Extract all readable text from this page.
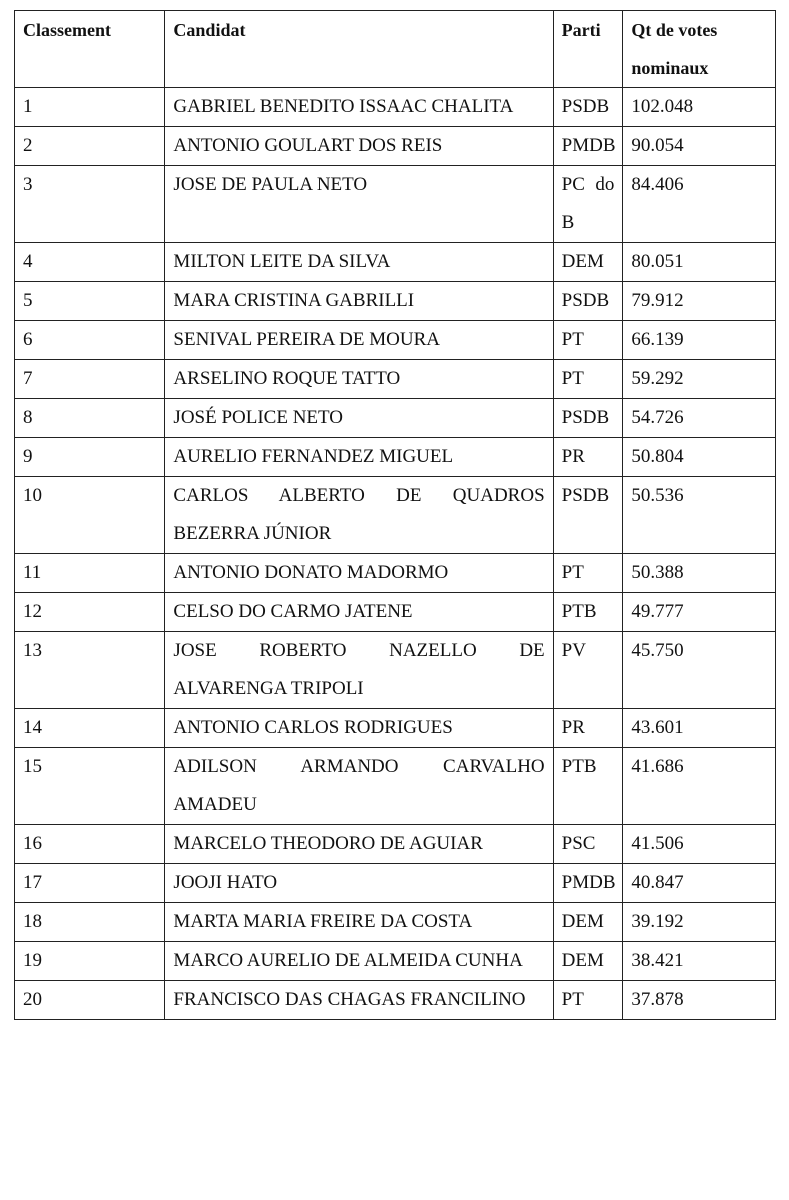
Classement	Candidat	Parti	Qt de votes nominaux
1	GABRIEL BENEDITO ISSAAC CHALITA	PSDB	102.048
2	ANTONIO GOULART DOS REIS	PMDB	90.054
3	JOSE DE PAULA NETO	PC do B	84.406
4	MILTON LEITE DA SILVA	DEM	80.051
5	MARA CRISTINA GABRILLI	PSDB	79.912
6	SENIVAL PEREIRA DE MOURA	PT	66.139
7	ARSELINO ROQUE TATTO	PT	59.292
8	JOSÉ POLICE NETO	PSDB	54.726
9	AURELIO FERNANDEZ MIGUEL	PR	50.804
10	CARLOS ALBERTO DE QUADROS BEZERRA JÚNIOR	PSDB	50.536
11	ANTONIO DONATO MADORMO	PT	50.388
12	CELSO DO CARMO JATENE	PTB	49.777
13	JOSE ROBERTO NAZELLO DE ALVARENGA TRIPOLI	PV	45.750
14	ANTONIO CARLOS RODRIGUES	PR	43.601
15	ADILSON ARMANDO CARVALHO AMADEU	PTB	41.686
16	MARCELO THEODORO DE AGUIAR	PSC	41.506
17	JOOJI HATO	PMDB	40.847
18	MARTA MARIA FREIRE DA COSTA	DEM	39.192
19	MARCO AURELIO DE ALMEIDA CUNHA	DEM	38.421
20	FRANCISCO DAS CHAGAS FRANCILINO	PT	37.878
